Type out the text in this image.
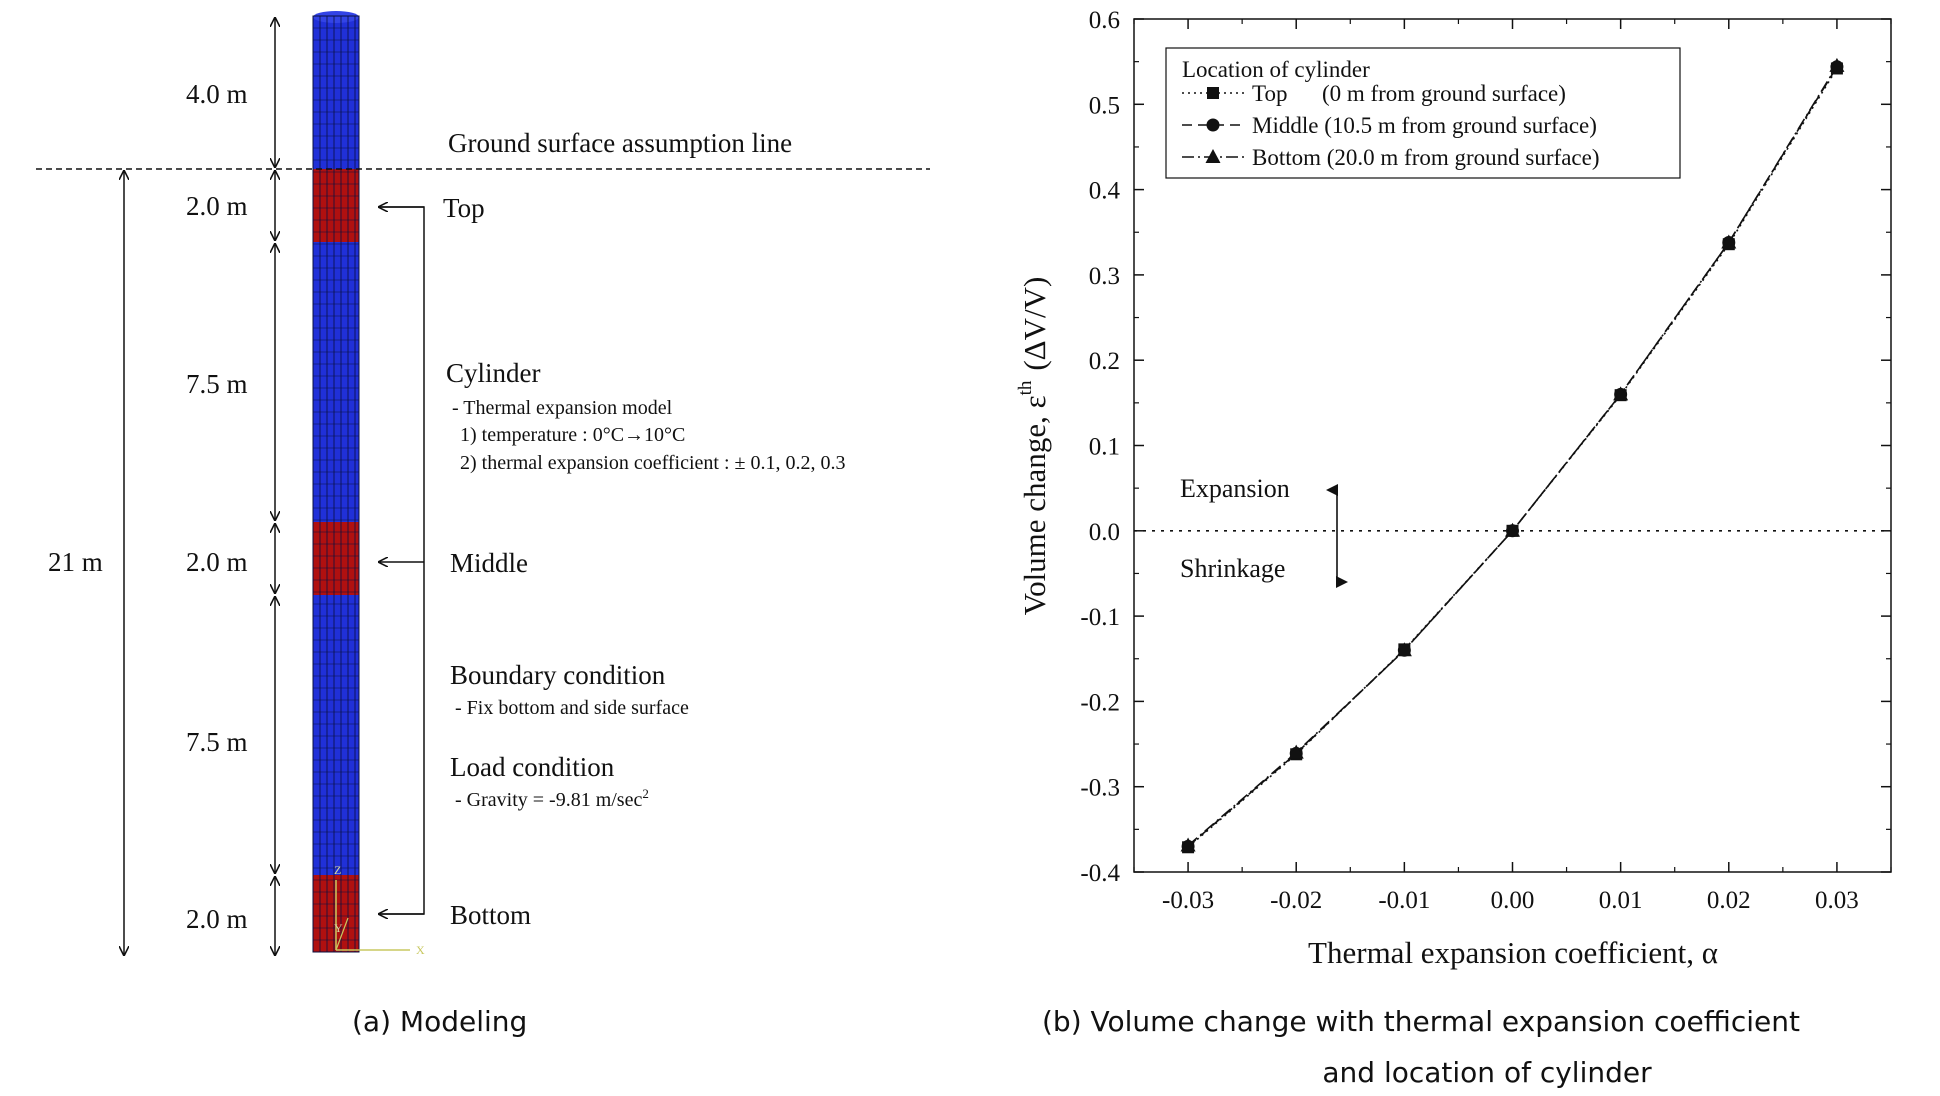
Ground surface assumption line
4.0 m
2.0 m
7.5 m
2.0 m
7.5 m
2.0 m
21 m
Top
Middle
Bottom
Cylinder
- Thermal expansion model
1) temperature : 0°C→10°C
2) thermal expansion coefficient : ± 0.1, 0.2, 0.3
Boundary condition
- Fix bottom and side surface
Load condition
- Gravity = -9.81 $m/\sec^2$
Z
Y
X
(a) Modeling
-0.4
-0.3
-0.2
-0.1
0.0
0.1
0.2
0.3
0.4
0.5
0.6
-0.03 -0.02 -0.01 0.00	0.01	0.02	0.03
Expansion
Shrinkage
Location of cylinder
Top      (0 m from ground surface)
Middle (10.5 m from ground surface)
Bottom (20.0 m from ground surface)
Thermal expansion coefficient, α
Volume change, $\varepsilon^{th}(\Delta V/V)$
(b) Volume change with thermal expansion coefficient
and location of cylinder
